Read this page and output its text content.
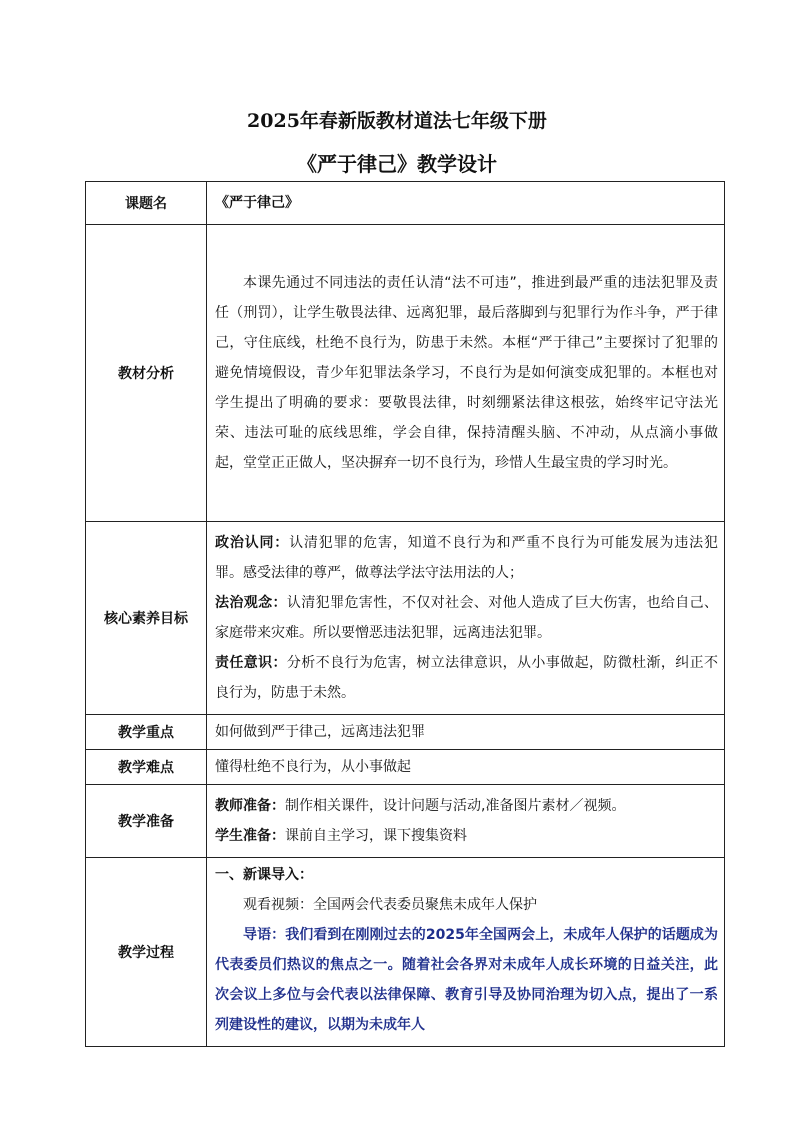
2025年春新版教材道法七年级下册
《严于律己》教学设计
课题名	《严于律己》
教材分析	本课先通过不同违法的责任认清“法不可违”，推进到最严重的违法犯罪及责任（刑罚），让学生敬畏法律、远离犯罪，最后落脚到与犯罪行为作斗争，严于律己，守住底线，杜绝不良行为，防患于未然。本框“严于律己”主要探讨了犯罪的避免情境假设，青少年犯罪法条学习，不良行为是如何演变成犯罪的。本框也对学生提出了明确的要求：要敬畏法律，时刻绷紧法律这根弦，始终牢记守法光荣、违法可耻的底线思维，学会自律，保持清醒头脑、不冲动，从点滴小事做起，堂堂正正做人，坚决摒弃一切不良行为，珍惜人生最宝贵的学习时光。

核心素养目标	政治认同：认清犯罪的危害，知道不良行为和严重不良行为可能发展为违法犯罪。感受法律的尊严，做尊法学法守法用法的人；

法治观念：认清犯罪危害性，不仅对社会、对他人造成了巨大伤害，也给自己、家庭带来灾难。所以要憎恶违法犯罪，远离违法犯罪。

责任意识：分析不良行为危害，树立法律意识，从小事做起，防微杜渐，纠正不良行为，防患于未然。

教学重点	如何做到严于律己，远离违法犯罪
教学难点	懂得杜绝不良行为，从小事做起
教学准备	教师准备：制作相关课件，设计问题与活动,准备图片素材／视频。

学生准备：课前自主学习，课下搜集资料

教学过程	一、新课导入：

观看视频：全国两会代表委员聚焦未成年人保护

导语：我们看到在刚刚过去的2025年全国两会上，未成年人保护的话题成为代表委员们热议的焦点之一。随着社会各界对未成年人成长环境的日益关注，此次会议上多位与会代表以法律保障、教育引导及协同治理为切入点，提出了一系列建设性的建议，以期为未成年人
